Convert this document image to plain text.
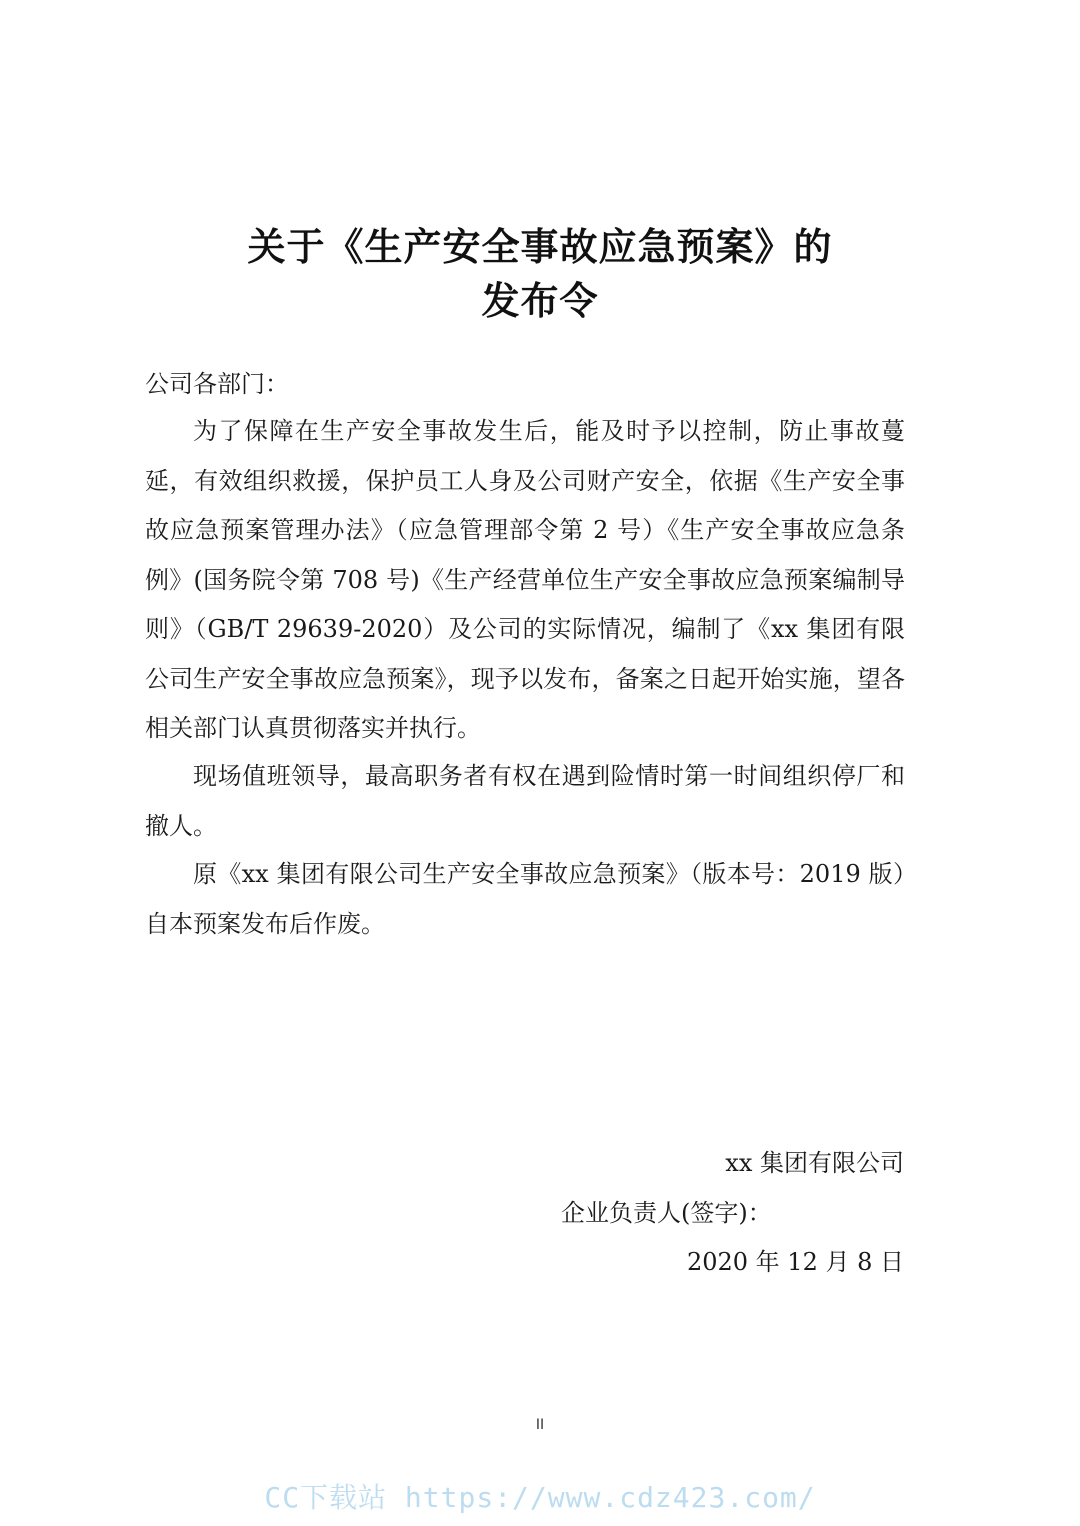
关于《生产安全事故应急预案》的
发布令
公司各部门：
为了保障在生产安全事故发生后，能及时予以控制，防止事故蔓延，有效组织救援，保护员工人身及公司财产安全，依据《生产安全事故应急预案管理办法》（应急管理部令第 2 号）《生产安全事故应急条例》(国务院令第 708 号)《生产经营单位生产安全事故应急预案编制导则》（GB/T 29639-2020）及公司的实际情况，编制了《xx 集团有限公司生产安全事故应急预案》，现予以发布，备案之日起开始实施，望各相关部门认真贯彻落实并执行。
现场值班领导，最高职务者有权在遇到险情时第一时间组织停厂和撤人。
原《xx 集团有限公司生产安全事故应急预案》（版本号：2019 版）自本预案发布后作废。
xx 集团有限公司
企业负责人(签字)：
2020 年 12 月 8 日
II
CC下载站 https://www.cdz423.com/
